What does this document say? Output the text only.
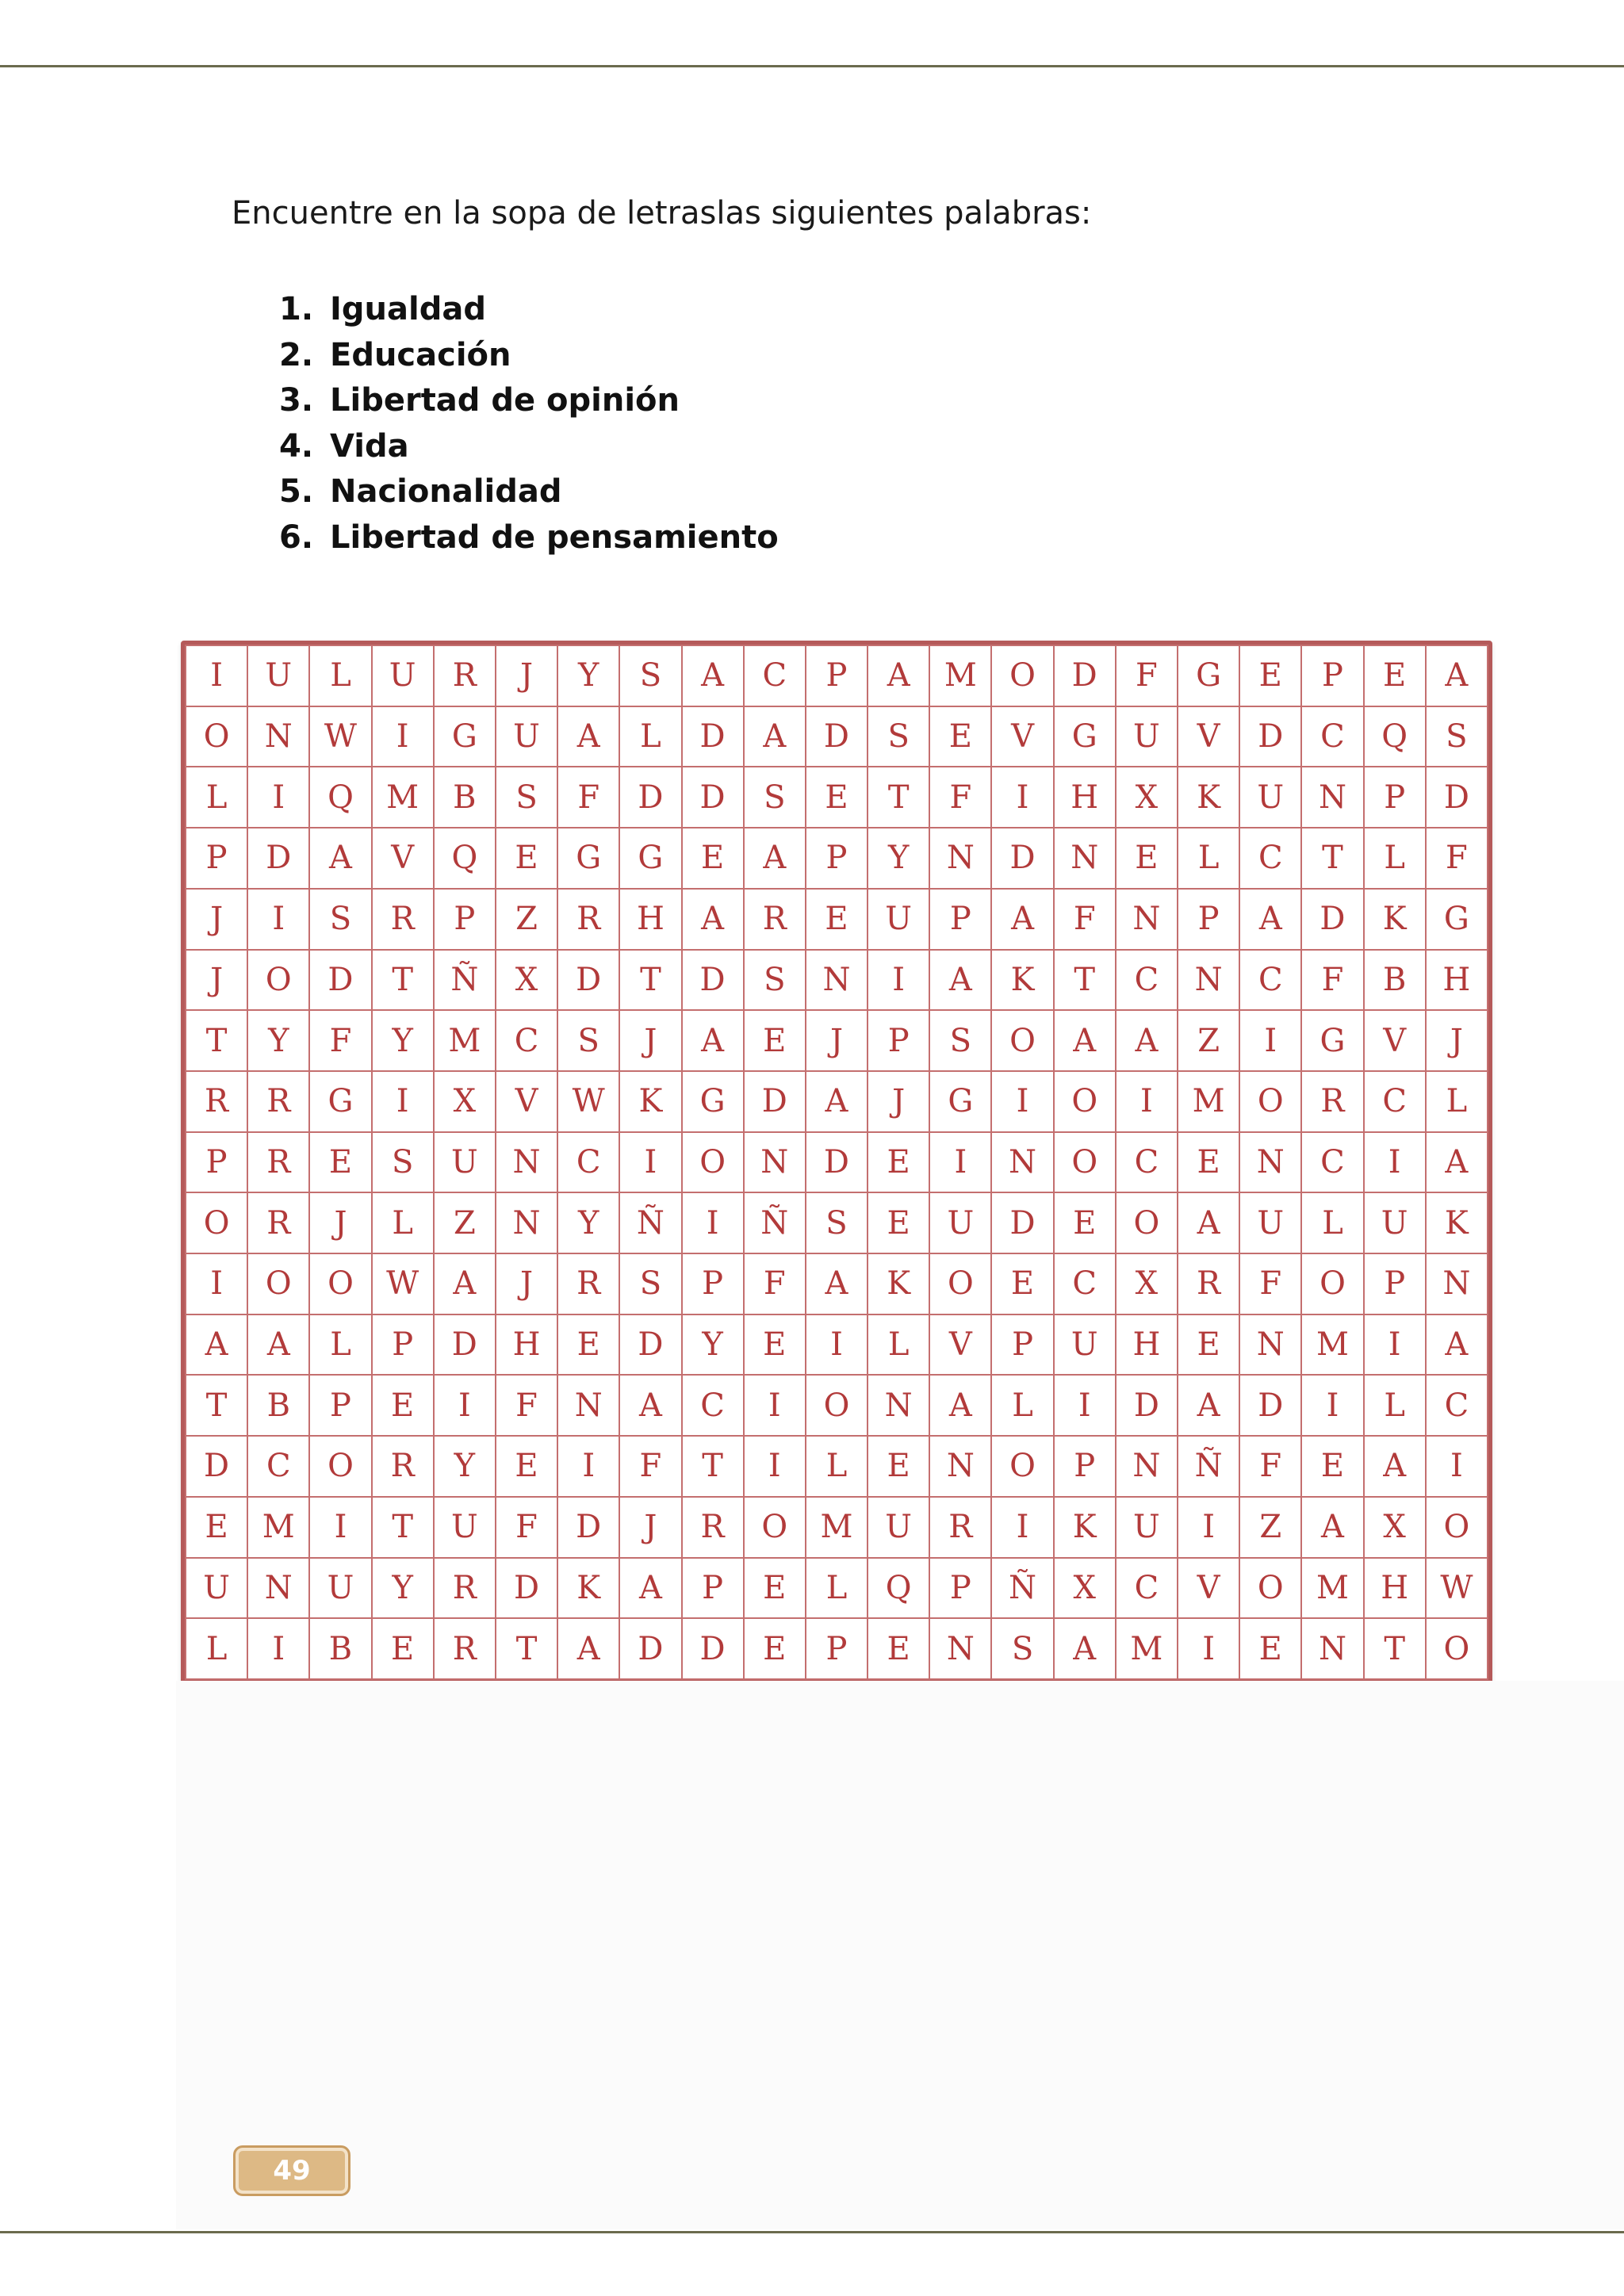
Encuentre en la sopa de letraslas siguientes palabras:

1. Igualdad
2. Educación
3. Libertad de opinión
4. Vida
5. Nacionalidad
6. Libertad de pensamiento
I	U	L	U	R	J	Y	S	A	C	P	A	M	O	D	F	G	E	P	E	A
O	N	W	I	G	U	A	L	D	A	D	S	E	V	G	U	V	D	C	Q	S
L	I	Q	M	B	S	F	D	D	S	E	T	F	I	H	X	K	U	N	P	D
P	D	A	V	Q	E	G	G	E	A	P	Y	N	D	N	E	L	C	T	L	F
J	I	S	R	P	Z	R	H	A	R	E	U	P	A	F	N	P	A	D	K	G
J	O	D	T	Ñ	X	D	T	D	S	N	I	A	K	T	C	N	C	F	B	H
T	Y	F	Y	M	C	S	J	A	E	J	P	S	O	A	A	Z	I	G	V	J
R	R	G	I	X	V	W	K	G	D	A	J	G	I	O	I	M	O	R	C	L
P	R	E	S	U	N	C	I	O	N	D	E	I	N	O	C	E	N	C	I	A
O	R	J	L	Z	N	Y	Ñ	I	Ñ	S	E	U	D	E	O	A	U	L	U	K
I	O	O	W	A	J	R	S	P	F	A	K	O	E	C	X	R	F	O	P	N
A	A	L	P	D	H	E	D	Y	E	I	L	V	P	U	H	E	N	M	I	A
T	B	P	E	I	F	N	A	C	I	O	N	A	L	I	D	A	D	I	L	C
D	C	O	R	Y	E	I	F	T	I	L	E	N	O	P	N	Ñ	F	E	A	I
E	M	I	T	U	F	D	J	R	O	M	U	R	I	K	U	I	Z	A	X	O
U	N	U	Y	R	D	K	A	P	E	L	Q	P	Ñ	X	C	V	O	M	H	W
L	I	B	E	R	T	A	D	D	E	P	E	N	S	A	M	I	E	N	T	O
49
